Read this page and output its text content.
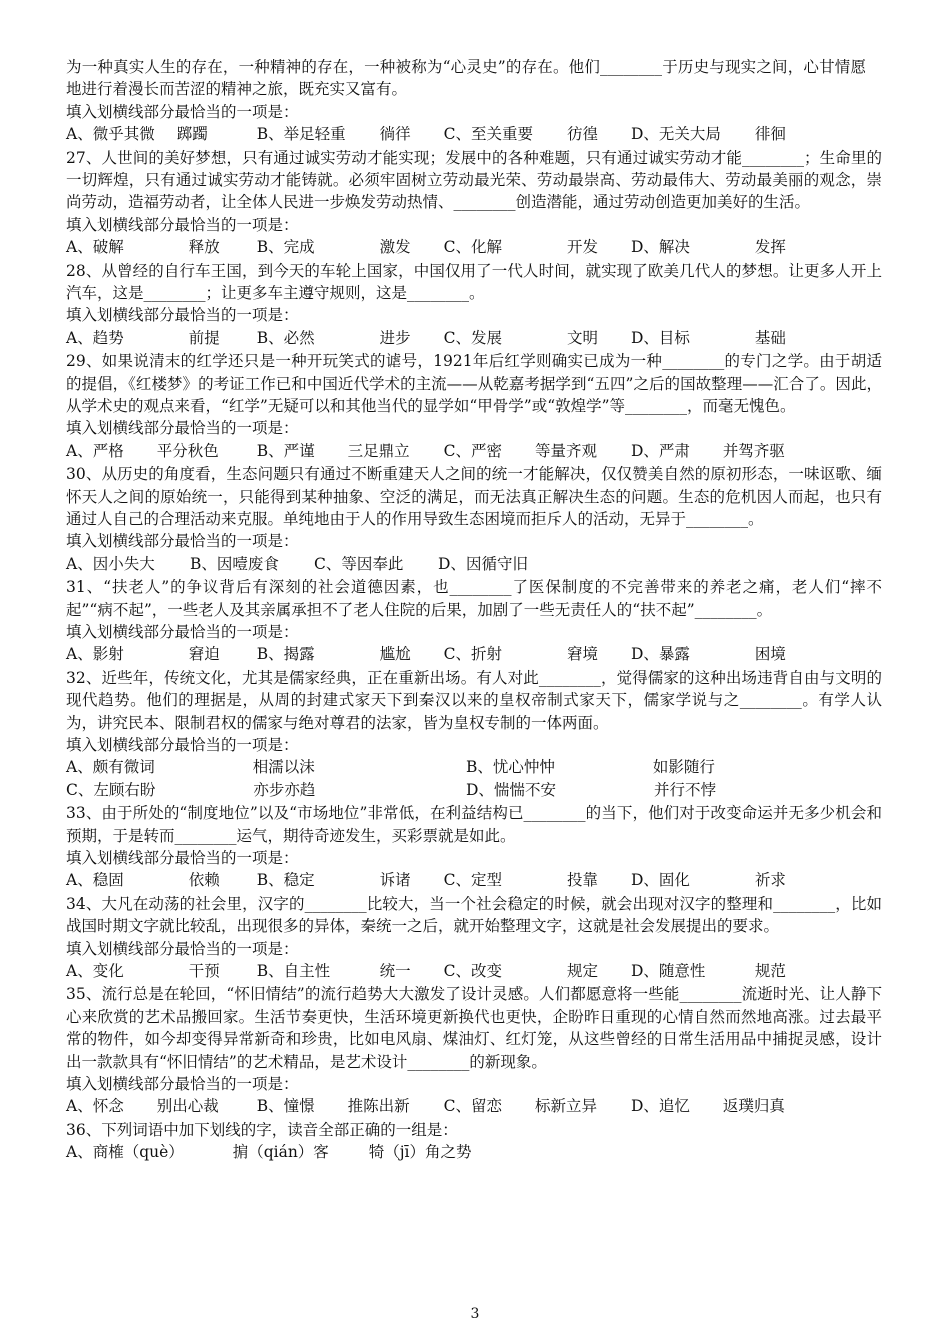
为一种真实人生的存在，一种精神的存在，一种被称为“心灵史”的存在。他们________于历史与现实之间，心甘情愿地进行着漫长而苦涩的精神之旅，既充实又富有。
填入划横线部分最恰当的一项是：
A、微乎其微 踯躅	B、举足轻重 徜徉	C、至关重要 彷徨	D、无关大局 徘徊
27、人世间的美好梦想，只有通过诚实劳动才能实现；发展中的各种难题，只有通过诚实劳动才能________；生命里的一切辉煌，只有通过诚实劳动才能铸就。必须牢固树立劳动最光荣、劳动最崇高、劳动最伟大、劳动最美丽的观念，崇尚劳动，造福劳动者，让全体人民进一步焕发劳动热情、________创造潜能，通过劳动创造更加美好的生活。
填入划横线部分最恰当的一项是：
A、破解	释放	B、完成	激发	C、化解	开发	D、解决	发挥
28、从曾经的自行车王国，到今天的车轮上国家，中国仅用了一代人时间，就实现了欧美几代人的梦想。让更多人开上汽车，这是________；让更多车主遵守规则，这是________。
填入划横线部分最恰当的一项是：
A、趋势	前提	B、必然	进步	C、发展	文明	D、目标	基础
29、如果说清末的红学还只是一种开玩笑式的谑号，1921年后红学则确实已成为一种________的专门之学。由于胡适的提倡，《红楼梦》的考证工作已和中国近代学术的主流——从乾嘉考据学到“五四”之后的国故整理——汇合了。因此，从学术史的观点来看，“红学”无疑可以和其他当代的显学如“甲骨学”或“敦煌学”等________，而毫无愧色。
填入划横线部分最恰当的一项是：
A、严格 平分秋色	B、严谨 三足鼎立	C、严密 等量齐观	D、严肃 并驾齐驱
30、从历史的角度看，生态问题只有通过不断重建天人之间的统一才能解决，仅仅赞美自然的原初形态，一味讴歌、缅怀天人之间的原始统一，只能得到某种抽象、空泛的满足，而无法真正解决生态的问题。生态的危机因人而起，也只有通过人自己的合理活动来克服。单纯地由于人的作用导致生态困境而拒斥人的活动，无异于________。
填入划横线部分最恰当的一项是：
A、因小失大	B、因噎废食	C、等因奉此	D、因循守旧
31、“扶老人”的争议背后有深刻的社会道德因素，也________了医保制度的不完善带来的养老之痛，老人们“摔不起”“病不起”，一些老人及其亲属承担不了老人住院的后果，加剧了一些无责任人的“扶不起”________。
填入划横线部分最恰当的一项是：
A、影射	窘迫	B、揭露	尴尬	C、折射	窘境	D、暴露	困境
32、近些年，传统文化，尤其是儒家经典，正在重新出场。有人对此________，觉得儒家的这种出场违背自由与文明的现代趋势。他们的理据是，从周的封建式家天下到秦汉以来的皇权帝制式家天下，儒家学说与之________。有学人认为，讲究民本、限制君权的儒家与绝对尊君的法家，皆为皇权专制的一体两面。
填入划横线部分最恰当的一项是：
A、 颇有微词	相濡以沫	B、 忧心忡忡	如影随行
C、 左顾右盼	亦步亦趋	D、 惴惴不安	并行不悖
33、由于所处的“制度地位”以及“市场地位”非常低，在利益结构已________的当下，他们对于改变命运并无多少机会和预期，于是转而________运气，期待奇迹发生，买彩票就是如此。
填入划横线部分最恰当的一项是：
A、稳固	依赖	B、稳定	诉诸	C、定型	投靠	D、固化	祈求
34、大凡在动荡的社会里，汉字的________比较大，当一个社会稳定的时候，就会出现对汉字的整理和________，比如战国时期文字就比较乱，出现很多的异体，秦统一之后，就开始整理文字，这就是社会发展提出的要求。
填入划横线部分最恰当的一项是：
A、变化	干预	B、自主性	统一	C、改变	规定	D、随意性	规范
35、流行总是在轮回，“怀旧情结”的流行趋势大大激发了设计灵感。人们都愿意将一些能________流逝时光、让人静下心来欣赏的艺术品搬回家。生活节奏更快，生活环境更新换代也更快，企盼昨日重现的心情自然而然地高涨。过去最平常的物件，如今却变得异常新奇和珍贵，比如电风扇、煤油灯、红灯笼，从这些曾经的日常生活用品中捕捉灵感，设计出一款款具有“怀旧情结”的艺术精品，是艺术设计________的新现象。
填入划横线部分最恰当的一项是：
A、怀念 别出心裁	B、憧憬 推陈出新	C、留恋 标新立异	D、追忆 返璞归真
36、下列词语中加下划线的字，读音全部正确的一组是：
A、商榷（què）	掮（qián）客	犄（jī）角之势
3
